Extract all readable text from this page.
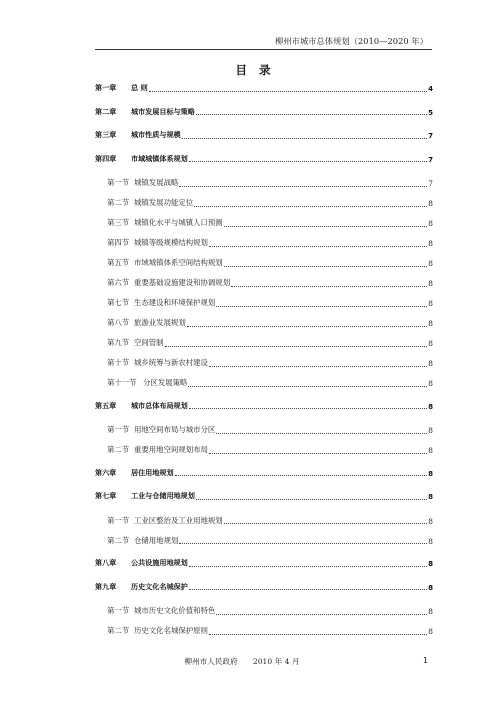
柳州市城市总体规划（2010—2020 年）
目 录
第一章	总 则	4
第二章	城市发展目标与策略	5
第三章	城市性质与规模	7
第四章	市域城镇体系规划	7
第一节 城镇发展战略	7
第二节 城镇发展功能定位	8
第三节 城镇化水平与城镇人口预测	8
第四节 城镇等级规模结构规划	8
第五节 市域城镇体系空间结构规划	8
第六节 重要基础设施建设和协调规划	8
第七节 生态建设和环境保护规划	8
第八节 旅游业发展规划	8
第九节 空间管制	8
第十节 城乡统筹与新农村建设	8
第十一节 分区发展策略	8
第五章	城市总体布局规划	8
第一节 用地空间布局与城市分区	8
第二节 重要用地空间规划布局	8
第六章	居住用地规划	8
第七章	工业与仓储用地规划	8
第一节 工业区整治及工业用地规划	8
第二节 仓储用地规划	8
第八章	公共设施用地规划	8
第九章	历史文化名城保护	8
第一节 城市历史文化价值和特色	8
第二节 历史文化名城保护原则	8
柳州市人民政府　　2010 年 4 月	1
